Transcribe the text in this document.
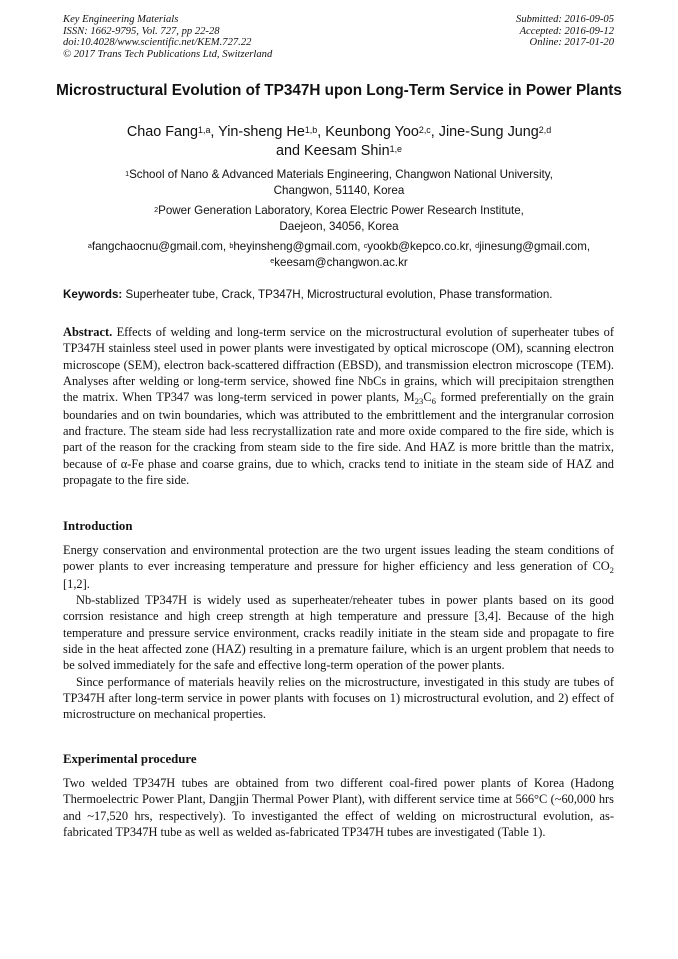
Key Engineering Materials
ISSN: 1662-9795, Vol. 727, pp 22-28
doi:10.4028/www.scientific.net/KEM.727.22
© 2017 Trans Tech Publications Ltd, Switzerland
Submitted: 2016-09-05
Accepted: 2016-09-12
Online: 2017-01-20
Microstructural Evolution of TP347H upon Long-Term Service in Power Plants
Chao Fang$^{1,a}$, Yin-sheng He$^{1,b}$, Keunbong Yoo$^{2,c}$, Jine-Sung Jung$^{2,d}$
and Keesam Shin$^{1,e}$
$^1$School of Nano & Advanced Materials Engineering, Changwon National University,
Changwon, 51140, Korea
$^2$Power Generation Laboratory, Korea Electric Power Research Institute,
Daejeon, 34056, Korea
$^a$fangchaocnu@gmail.com, $^b$heyinsheng@gmail.com, $^c$yookb@kepco.co.kr, $^d$jinesung@gmail.com,
$^e$keesam@changwon.ac.kr
Keywords: Superheater tube, Crack, TP347H, Microstructural evolution, Phase transformation.

Abstract. Effects of welding and long-term service on the microstructural evolution of superheater tubes of TP347H stainless steel used in power plants were investigated by optical microscope (OM), scanning electron microscope (SEM), electron back-scattered diffraction (EBSD), and transmission electron microscope (TEM). Analyses after welding or long-term service, showed fine NbCs in grains, which will precipitaion strengthen the matrix. When TP347 was long-term serviced in power plants, $M_{23}C_6$ formed preferentially on the grain boundaries and on twin boundaries, which was attributed to the embrittlement and the intergranular corrosion and fracture. The steam side had less recrystallization rate and more oxide compared to the fire side, which is part of the reason for the cracking from steam side to the fire side. And HAZ is more brittle than the matrix, because of α-Fe phase and coarse grains, due to which, cracks tend to initiate in the steam side of HAZ and propagate to the fire side.

Introduction

Energy conservation and environmental protection are the two urgent issues leading the steam conditions of power plants to ever increasing temperature and pressure for higher efficiency and less generation of $CO_2$ [1,2].

Nb-stablized TP347H is widely used as superheater/reheater tubes in power plants based on its good corrsion resistance and high creep strength at high temperature and pressure [3,4]. Because of the high temperature and pressure service environment, cracks readily initiate in the steam side and propagate to fire side in the heat affected zone (HAZ) resulting in a premature failure, which is an urgent problem that needs to be solved immediately for the safe and effective long-term operation of the power plants.

Since performance of materials heavily relies on the microstructure, investigated in this study are tubes of TP347H after long-term service in power plants with focuses on 1) microstructural evolution, and 2) effect of microstructure on mechanical properties.

Experimental procedure

Two welded TP347H tubes are obtained from two different coal-fired power plants of Korea (Hadong Thermoelectric Power Plant, Dangjin Thermal Power Plant), with different service time at 566°C (~60,000 hrs and ~17,520 hrs, respectively). To investiganted the effect of welding on microstructural evolution, as-fabricated TP347H tube as well as welded as-fabricated TP347H tubes are investigated (Table 1).
